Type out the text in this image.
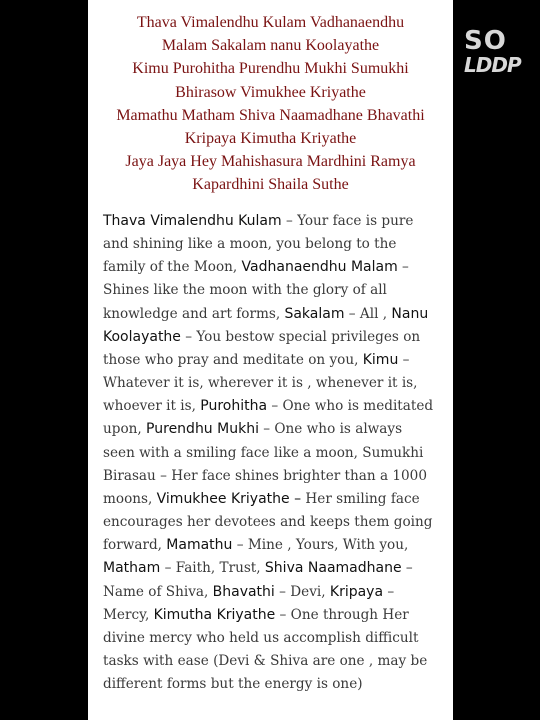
Thava Vimalendhu Kulam Vadhanaendhu
Malam Sakalam nanu Koolayathe
Kimu Purohitha Purendhu Mukhi Sumukhi
Bhirasow Vimukhee Kriyathe
Mamathu Matham Shiva Naamadhane Bhavathi
Kripaya Kimutha Kriyathe
Jaya Jaya Hey Mahishasura Mardhini Ramya
Kapardhini Shaila Suthe
Thava Vimalendhu Kulam – Your face is pure
and shining like a moon, you belong to the
family of the Moon, Vadhanaendhu Malam –
Shines like the moon with the glory of all
knowledge and art forms, Sakalam – All , Nanu
Koolayathe – You bestow special privileges on
those who pray and meditate on you, Kimu –
Whatever it is, wherever it is , whenever it is,
whoever it is, Purohitha – One who is meditated
upon, Purendhu Mukhi – One who is always
seen with a smiling face like a moon, Sumukhi
Birasau – Her face shines brighter than a 1000
moons, Vimukhee Kriyathe – Her smiling face
encourages her devotees and keeps them going
forward, Mamathu – Mine , Yours, With you,
Matham – Faith, Trust, Shiva Naamadhane –
Name of Shiva, Bhavathi – Devi, Kripaya –
Mercy, Kimutha Kriyathe – One through Her
divine mercy who held us accomplish difficult
tasks with ease (Devi & Shiva are one , may be
different forms but the energy is one)
SO
LDDP
